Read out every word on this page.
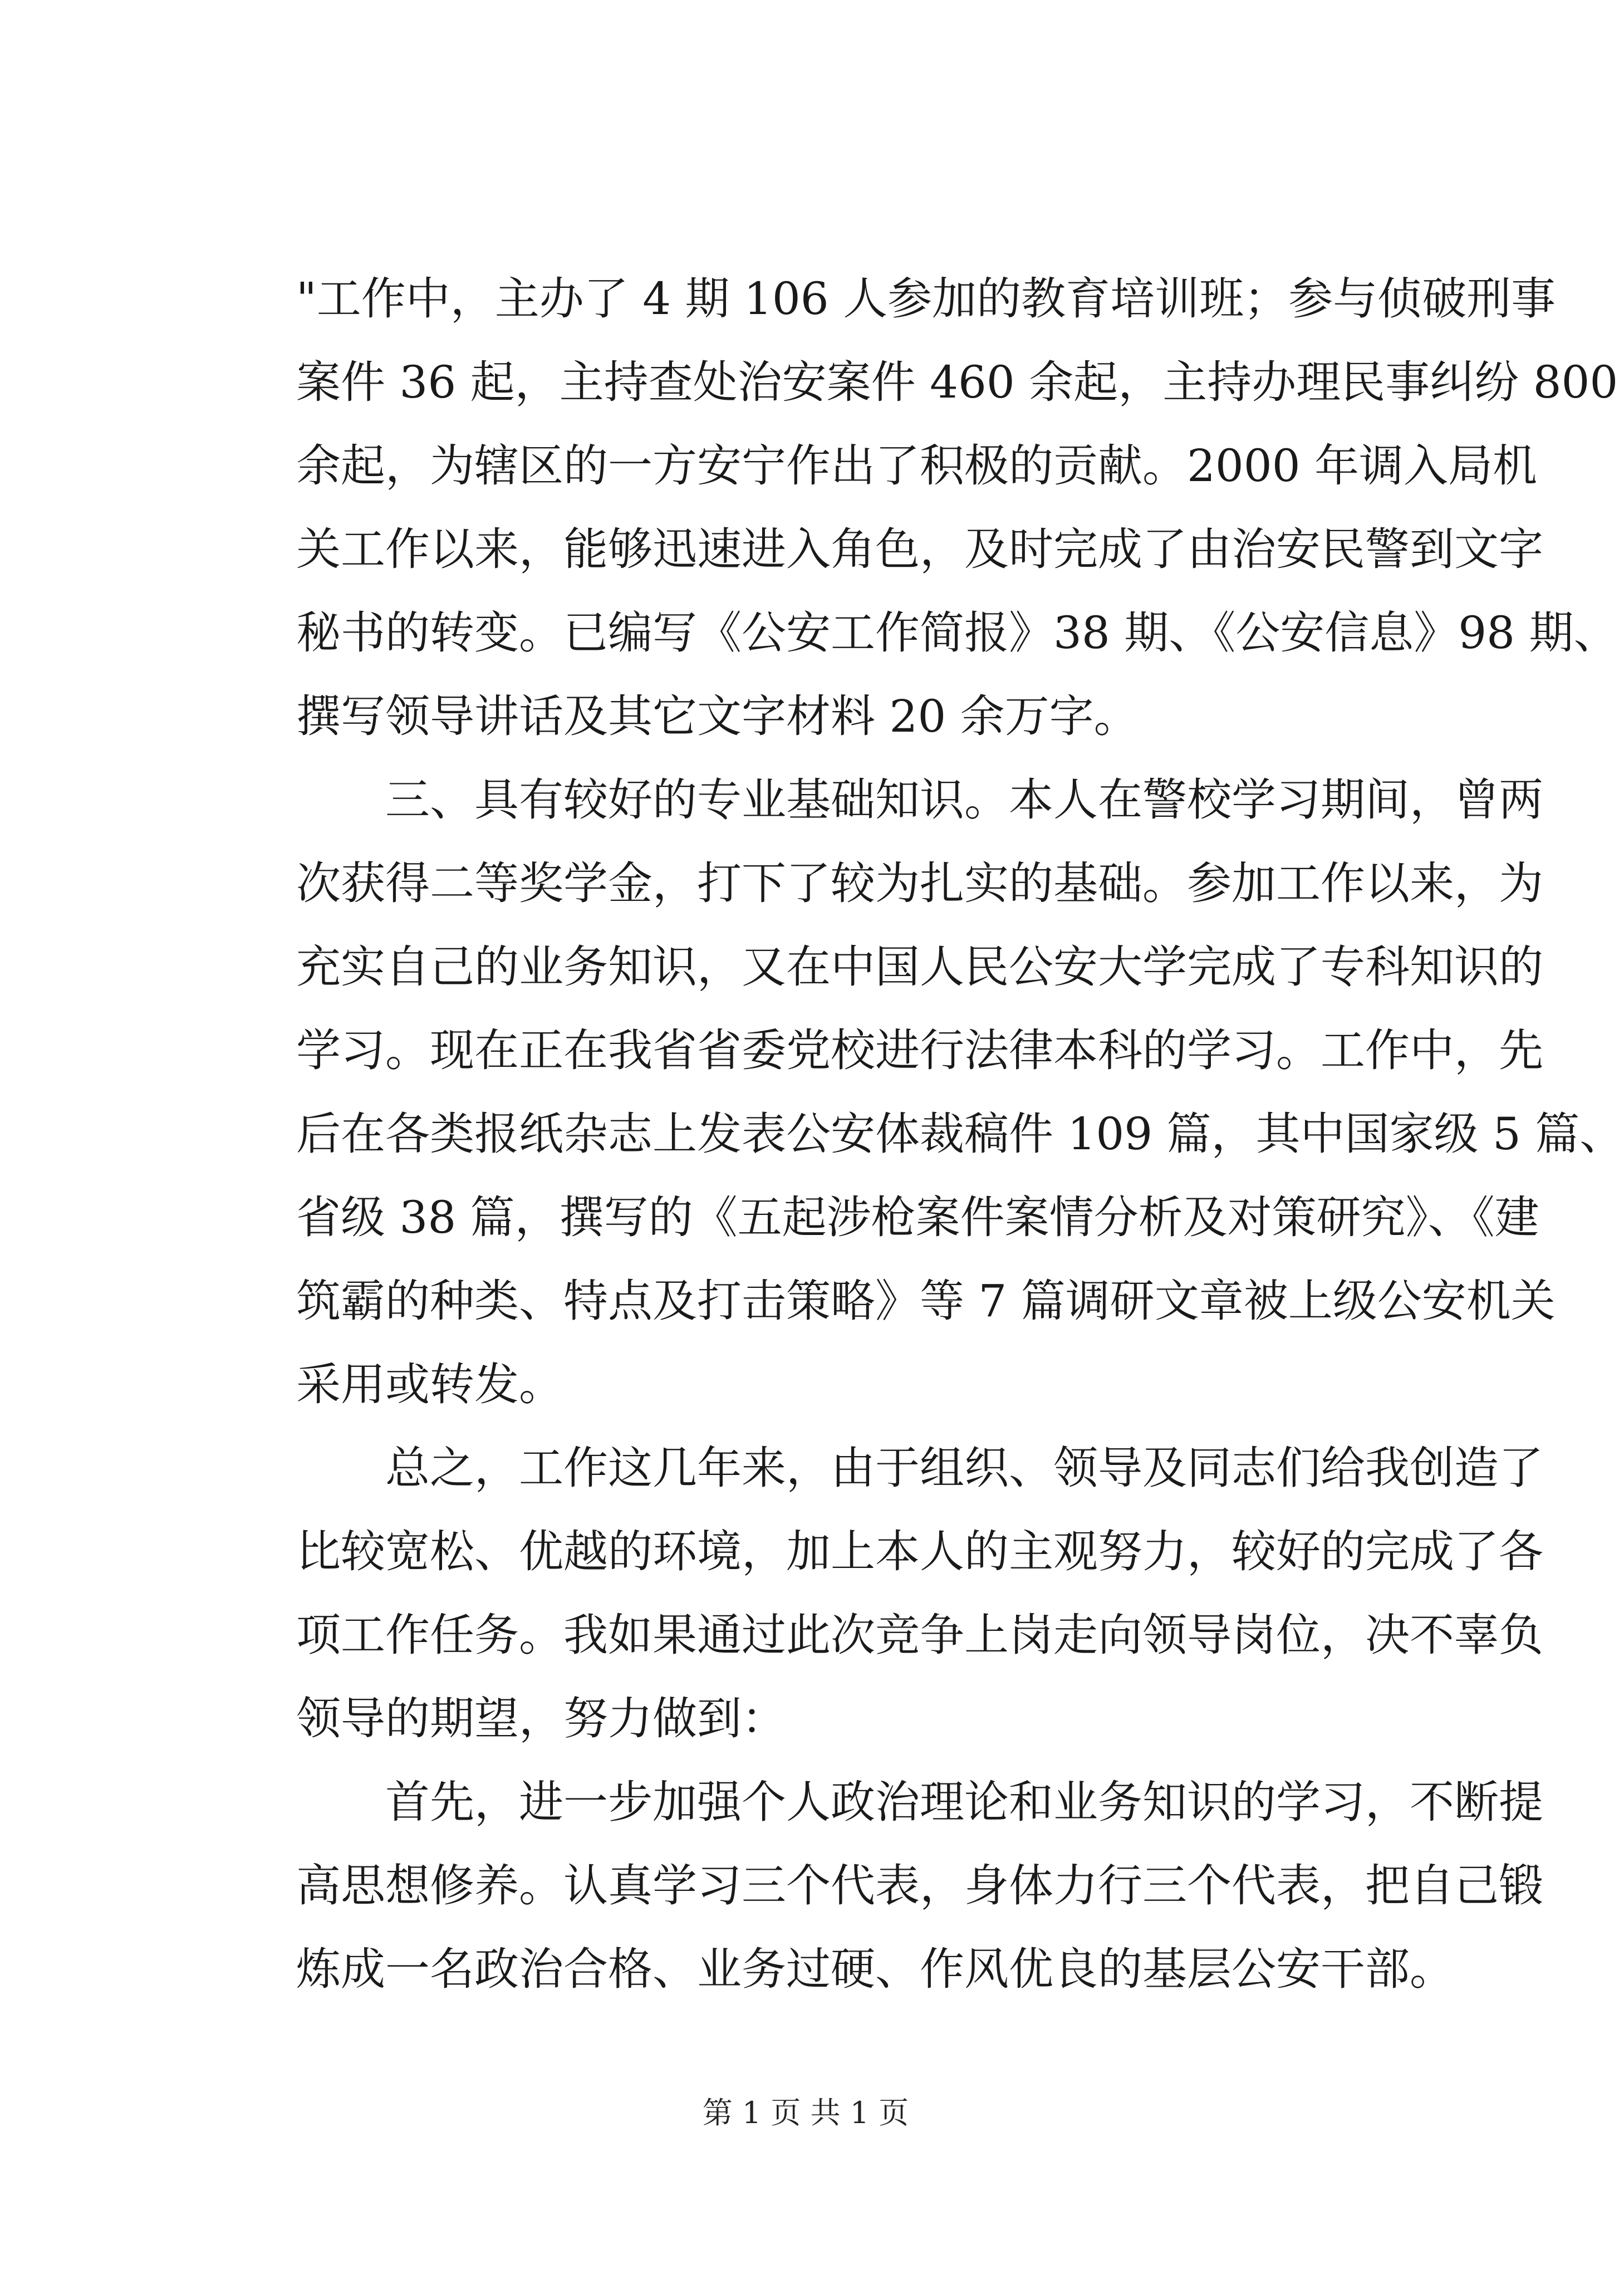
"工作中，主办了 4 期 106 人参加的教育培训班；参与侦破刑事
案件 36 起，主持查处治安案件 460 余起，主持办理民事纠纷 800
余起，为辖区的一方安宁作出了积极的贡献。2000 年调入局机
关工作以来，能够迅速进入角色，及时完成了由治安民警到文字
秘书的转变。已编写《公安工作简报》38 期、《公安信息》98 期、
撰写领导讲话及其它文字材料 20 余万字。
三、具有较好的专业基础知识。本人在警校学习期间，曾两
次获得二等奖学金，打下了较为扎实的基础。参加工作以来，为
充实自己的业务知识，又在中国人民公安大学完成了专科知识的
学习。现在正在我省省委党校进行法律本科的学习。工作中，先
后在各类报纸杂志上发表公安体裁稿件 109 篇，其中国家级 5 篇、
省级 38 篇，撰写的《五起涉枪案件案情分析及对策研究》、《建
筑霸的种类、特点及打击策略》等 7 篇调研文章被上级公安机关
采用或转发。
总之，工作这几年来，由于组织、领导及同志们给我创造了
比较宽松、优越的环境，加上本人的主观努力，较好的完成了各
项工作任务。我如果通过此次竞争上岗走向领导岗位，决不辜负
领导的期望，努力做到：
首先，进一步加强个人政治理论和业务知识的学习，不断提
高思想修养。认真学习三个代表，身体力行三个代表，把自己锻
炼成一名政治合格、业务过硬、作风优良的基层公安干部。
第 1 页 共 1 页
